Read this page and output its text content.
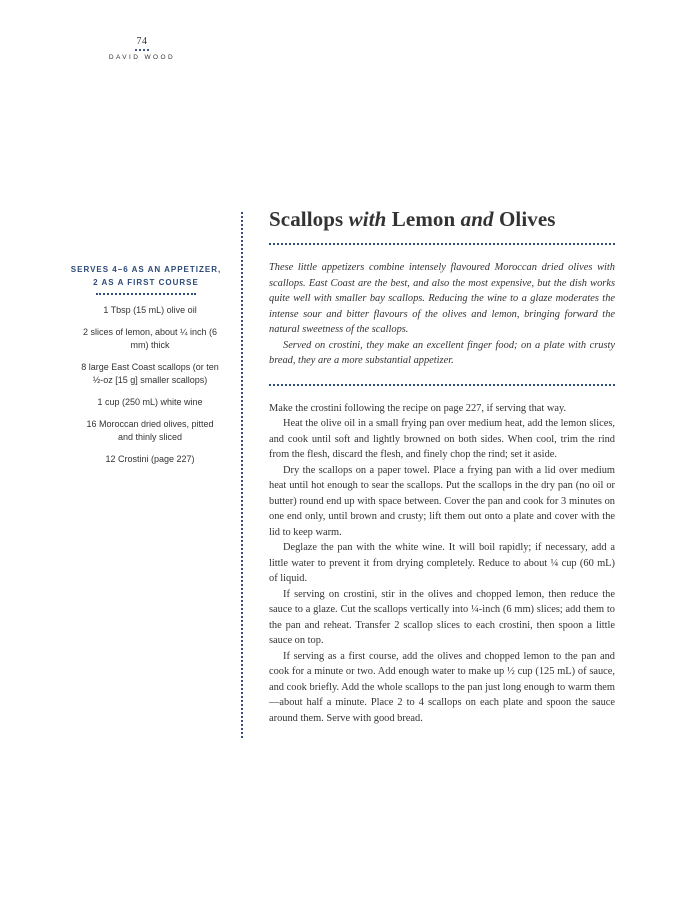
74
DAVID WOOD
SERVES 4–6 AS AN APPETIZER,
2 AS A FIRST COURSE
1 Tbsp (15 mL) olive oil
2 slices of lemon, about ¼ inch (6 mm) thick
8 large East Coast scallops (or ten ½-oz [15 g] smaller scallops)
1 cup (250 mL) white wine
16 Moroccan dried olives, pitted and thinly sliced
12 Crostini (page 227)
Scallops with Lemon and Olives

These little appetizers combine intensely flavoured Moroccan dried olives with scallops. East Coast are the best, and also the most expensive, but the dish works quite well with smaller bay scallops. Reducing the wine to a glaze moderates the intense sour and bitter flavours of the olives and lemon, bringing forward the natural sweetness of the scallops.

Served on crostini, they make an excellent finger food; on a plate with crusty bread, they are a more substantial appetizer.

Make the crostini following the recipe on page 227, if serving that way.

Heat the olive oil in a small frying pan over medium heat, add the lemon slices, and cook until soft and lightly browned on both sides. When cool, trim the rind from the flesh, discard the flesh, and finely chop the rind; set it aside.

Dry the scallops on a paper towel. Place a frying pan with a lid over medium heat until hot enough to sear the scallops. Put the scallops in the dry pan (no oil or butter) round end up with space between. Cover the pan and cook for 3 minutes on one end only, until brown and crusty; lift them out onto a plate and cover with the lid to keep warm.

Deglaze the pan with the white wine. It will boil rapidly; if necessary, add a little water to prevent it from drying completely. Reduce to about ¼ cup (60 mL) of liquid.

If serving on crostini, stir in the olives and chopped lemon, then reduce the sauce to a glaze. Cut the scallops vertically into ¼-inch (6 mm) slices; add them to the pan and reheat. Transfer 2 scallop slices to each crostini, then spoon a little sauce on top.

If serving as a first course, add the olives and chopped lemon to the pan and cook for a minute or two. Add enough water to make up ½ cup (125 mL) of sauce, and cook briefly. Add the whole scallops to the pan just long enough to warm them—about half a minute. Place 2 to 4 scallops on each plate and spoon the sauce around them. Serve with good bread.
